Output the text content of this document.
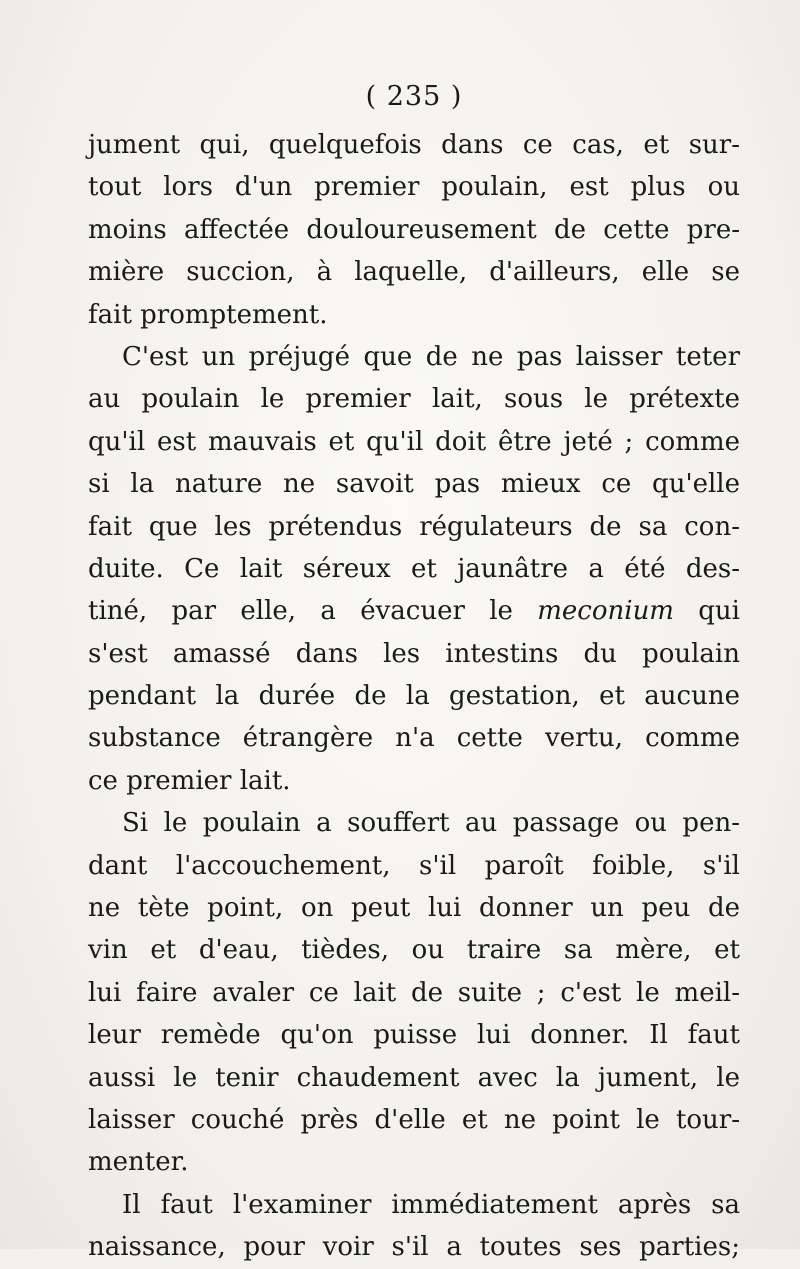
( 235 )
jument qui, quelquefois dans ce cas, et sur-
tout lors d'un premier poulain, est plus ou
moins affectée douloureusement de cette pre-
mière succion, à laquelle, d'ailleurs, elle se
fait promptement.
C'est un préjugé que de ne pas laisser teter
au poulain le premier lait, sous le prétexte
qu'il est mauvais et qu'il doit être jeté ; comme
si la nature ne savoit pas mieux ce qu'elle
fait que les prétendus régulateurs de sa con-
duite. Ce lait séreux et jaunâtre a été des-
tiné, par elle, a évacuer le meconium qui
s'est amassé dans les intestins du poulain
pendant la durée de la gestation, et aucune
substance étrangère n'a cette vertu, comme
ce premier lait.
Si le poulain a souffert au passage ou pen-
dant l'accouchement, s'il paroît foible, s'il
ne tète point, on peut lui donner un peu de
vin et d'eau, tièdes, ou traire sa mère, et
lui faire avaler ce lait de suite ; c'est le meil-
leur remède qu'on puisse lui donner. Il faut
aussi le tenir chaudement avec la jument, le
laisser couché près d'elle et ne point le tour-
menter.
Il faut l'examiner immédiatement après sa
naissance, pour voir s'il a toutes ses parties;
